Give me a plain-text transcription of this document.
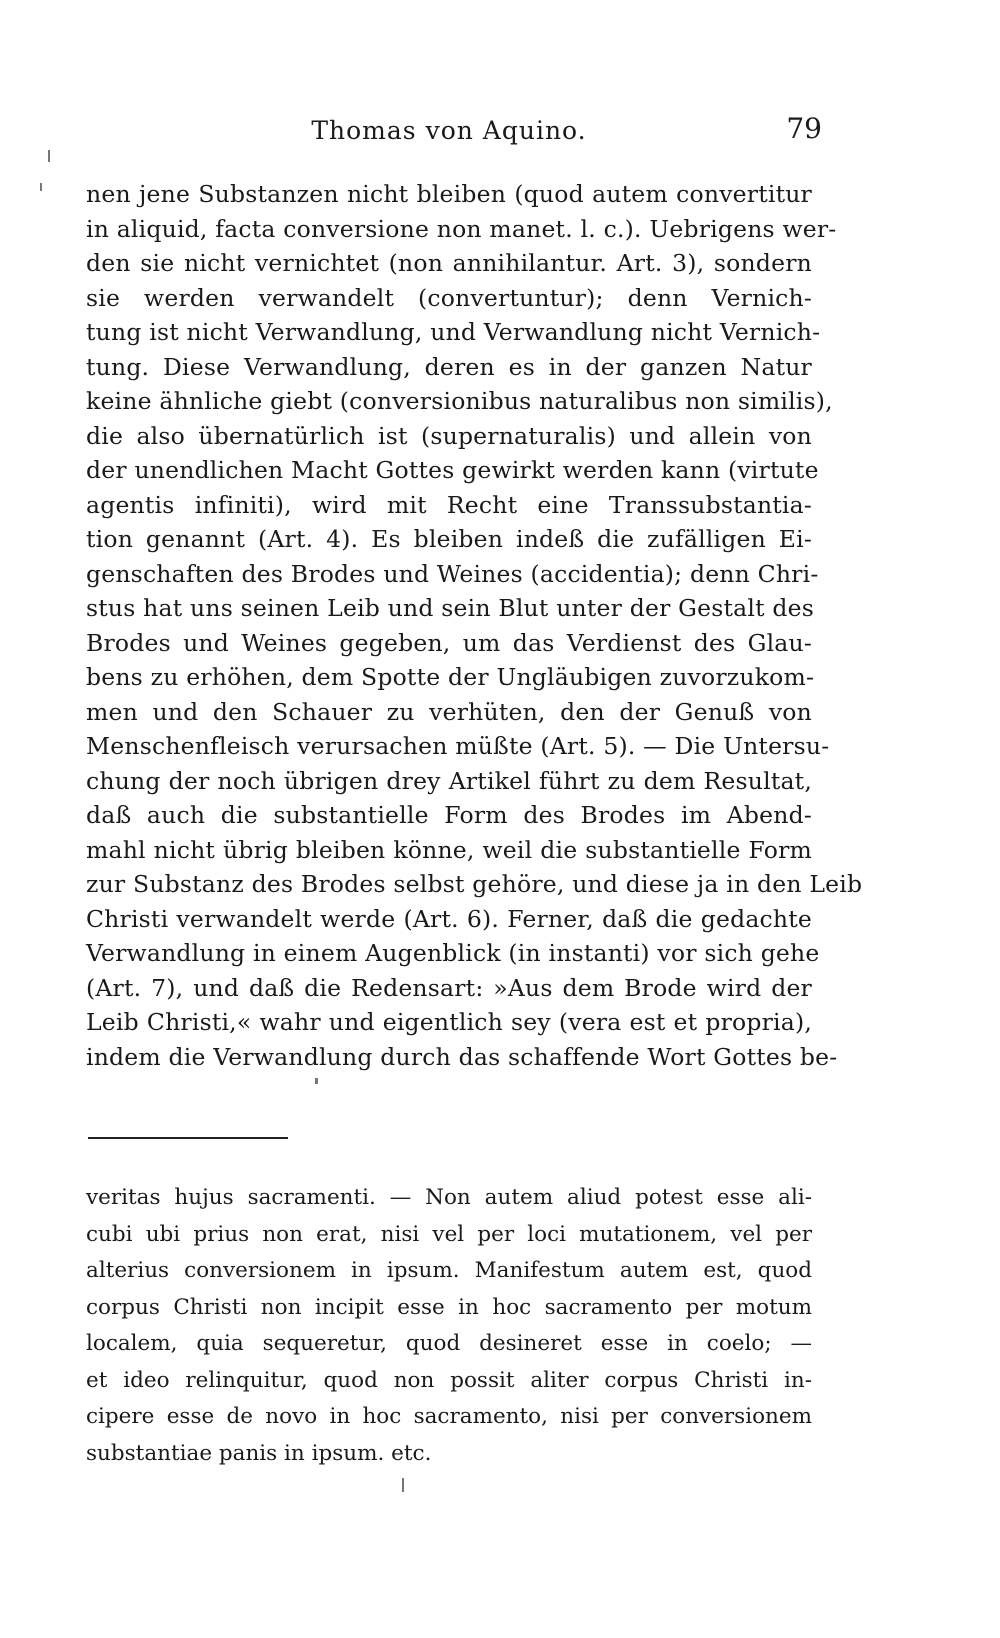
Thomas von Aquino.	79
nen jene Substanzen nicht bleiben (quod autem convertitur
in aliquid, facta conversione non manet. l. c.). Uebrigens wer-
den sie nicht vernichtet (non annihilantur. Art. 3), sondern
sie werden verwandelt (convertuntur); denn Vernich-
tung ist nicht Verwandlung, und Verwandlung nicht Vernich-
tung. Diese Verwandlung, deren es in der ganzen Natur
keine ähnliche giebt (conversionibus naturalibus non similis),
die also übernatürlich ist (supernaturalis) und allein von
der unendlichen Macht Gottes gewirkt werden kann (virtute
agentis infiniti), wird mit Recht eine Transsubstantia-
tion genannt (Art. 4). Es bleiben indeß die zufälligen Ei-
genschaften des Brodes und Weines (accidentia); denn Chri-
stus hat uns seinen Leib und sein Blut unter der Gestalt des
Brodes und Weines gegeben, um das Verdienst des Glau-
bens zu erhöhen, dem Spotte der Ungläubigen zuvorzukom-
men und den Schauer zu verhüten, den der Genuß von
Menschenfleisch verursachen müßte (Art. 5). — Die Untersu-
chung der noch übrigen drey Artikel führt zu dem Resultat,
daß auch die substantielle Form des Brodes im Abend-
mahl nicht übrig bleiben könne, weil die substantielle Form
zur Substanz des Brodes selbst gehöre, und diese ja in den Leib
Christi verwandelt werde (Art. 6). Ferner, daß die gedachte
Verwandlung in einem Augenblick (in instanti) vor sich gehe
(Art. 7), und daß die Redensart: »Aus dem Brode wird der
Leib Christi,« wahr und eigentlich sey (vera est et propria),
indem die Verwandlung durch das schaffende Wort Gottes be-
veritas hujus sacramenti. — Non autem aliud potest esse ali-
cubi ubi prius non erat, nisi vel per loci mutationem, vel per
alterius conversionem in ipsum. Manifestum autem est, quod
corpus Christi non incipit esse in hoc sacramento per motum
localem, quia sequeretur, quod desineret esse in coelo; —
et ideo relinquitur, quod non possit aliter corpus Christi in-
cipere esse de novo in hoc sacramento, nisi per conversionem
substantiae panis in ipsum. etc.
